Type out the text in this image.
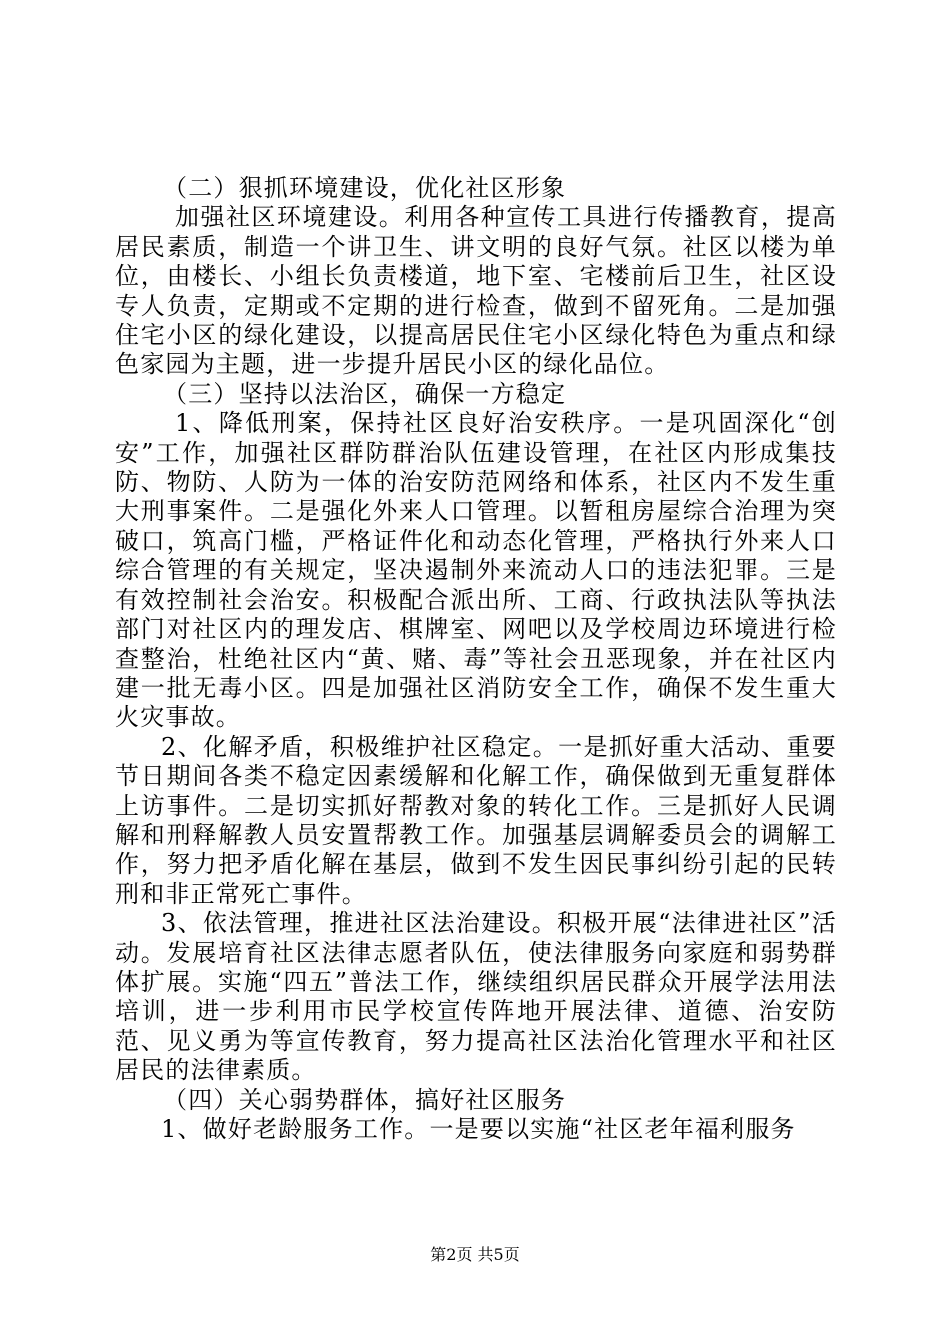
（二）狠抓环境建设，优化社区形象

加强社区环境建设。利用各种宣传工具进行传播教育，提高居民素质，制造一个讲卫生、讲文明的良好气氛。社区以楼为单位，由楼长、小组长负责楼道，地下室、宅楼前后卫生，社区设专人负责，定期或不定期的进行检查，做到不留死角。二是加强住宅小区的绿化建设，以提高居民住宅小区绿化特色为重点和绿色家园为主题，进一步提升居民小区的绿化品位。

（三）坚持以法治区，确保一方稳定

1、降低刑案，保持社区良好治安秩序。一是巩固深化“创安”工作，加强社区群防群治队伍建设管理，在社区内形成集技防、物防、人防为一体的治安防范网络和体系，社区内不发生重大刑事案件。二是强化外来人口管理。以暂租房屋综合治理为突破口，筑高门槛，严格证件化和动态化管理，严格执行外来人口综合管理的有关规定，坚决遏制外来流动人口的违法犯罪。三是有效控制社会治安。积极配合派出所、工商、行政执法队等执法部门对社区内的理发店、棋牌室、网吧以及学校周边环境进行检查整治，杜绝社区内“黄、赌、毒”等社会丑恶现象，并在社区内建一批无毒小区。四是加强社区消防安全工作，确保不发生重大火灾事故。

2、化解矛盾，积极维护社区稳定。一是抓好重大活动、重要节日期间各类不稳定因素缓解和化解工作，确保做到无重复群体上访事件。二是切实抓好帮教对象的转化工作。三是抓好人民调解和刑释解教人员安置帮教工作。加强基层调解委员会的调解工作，努力把矛盾化解在基层，做到不发生因民事纠纷引起的民转刑和非正常死亡事件。

3、依法管理，推进社区法治建设。积极开展“法律进社区”活动。发展培育社区法律志愿者队伍，使法律服务向家庭和弱势群体扩展。实施“四五”普法工作，继续组织居民群众开展学法用法培训，进一步利用市民学校宣传阵地开展法律、道德、治安防范、见义勇为等宣传教育，努力提高社区法治化管理水平和社区居民的法律素质。

（四）关心弱势群体，搞好社区服务

1、做好老龄服务工作。一是要以实施“社区老年福利服务

第2页 共5页
